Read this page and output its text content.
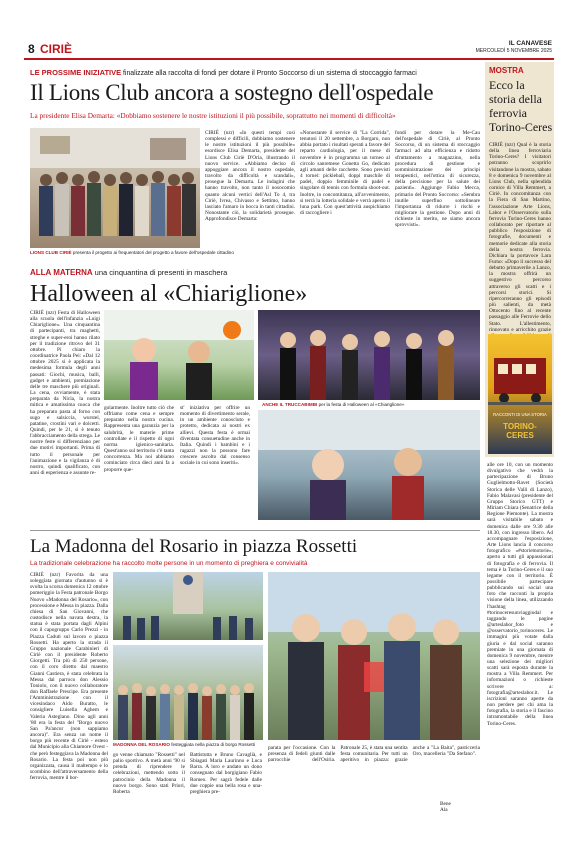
8 CIRIÈ	IL CANAVESE
MERCOLEDÌ 5 NOVEMBRE 2025
LE PROSSIME INIZIATIVE finalizzate alla raccolta di fondi per dotare il Pronto Soccorso di un sistema di stoccaggio farmaci
Il Lions Club ancora a sostegno dell'ospedale
La presidente Elisa Demarta: «Dobbiamo sostenere le nostre istituzioni il più possibile, soprattutto nei momenti di difficoltà»
LIONS CLUB CIRIÈ presenta il progetto ai frequentatori del progetto a favore dell'ospedale cittadino
CIRIÈ (nzr) «In questi tempi così complessi e difficili, dobbiamo sostenere le nostre istituzioni il più possibile» esordisce Elisa Demarta, presidente del Lions Club Ciriè D'Oria, illustrando il nuovo service. «Abbiamo deciso di appoggiare ancora il nostro ospedale, travolto da difficoltà e scandali», prosegue la Demarta. Le indagini che hanno travolto, non tanto il nosocomio quanto alcuni vertici dell'Asl To 4, tra Ciriè, Ivrea, Chivasso e Settimo, hanno lasciato l'amaro in bocca in tanti cittadini. Nonostante ciò, la solidarietà prosegue. Approfondisce Demarta:
«Nonostante il service di "La Corrida", tenutosi il 20 settembre, a Borgaro, non abbia portato i risultati sperati a favore del reparto cardiologia, per il mese di novembre è in programma un torneo al circolo sanremese Gonetta Go, dedicato agli amanti delle racchette. Sono previsti 4 tornei: pickleball, doppi maschile di padel, doppio femminile di padel e singolare di tennis con formula shoot-out. Inoltre, in concomitanza, all'avvenimento, si terrà la lotteria solidale e verrà aperto il luna park. Con quest'attività auspichiamo di raccogliere i
fondi per dotare la Me-Cau dell'ospedale di Ciriè, al Pronto Soccorso, di un sistema di stoccaggio farmaci ad alta efficienza e ridotto sfruttamento a magazzino, nella procedura di gestione e somministrazione dei principi terapeutici, nell'ottica di sicurezza, della precisione per la salute dei pazienti». Aggiunge Fabio Mecca, primario del Pronto Soccorso: «Sembra inutile superfluo sottolineare l'importanza di ridurre i rischi e migliorare la gestione. Dopo anni di richieste in merito, ne siamo ancora sprovvisti».
MOSTRA
Ecco la storia della ferrovia Torino-Ceres
CIRIÈ (nzr) Qual è la storia della linea ferroviaria Torino-Ceres? I visitatori potranno scoprirlo visitandone la mostra, sabato 8 e domenica 9 novembre al Lions Club, nella splendida cornice di Villa Remmert, a Ciriè. In concomitanza con la Fiera di San Martino, l'associazione Arte Lions, Labor e l'Osservatorio sulla ferrovia Torino-Ceres hanno collaborato per riportare al pubblico l'esposizione di fotografie, documenti e memorie dedicate alla storia della nostra ferrovia. Dichiara la portavoce Lara Furno: «Dopo il successo del debutto primaverile a Lanzo, la mostra offrirà un suggestivo percorso attraverso gli scatti e i percorsi storici. Si ripercorreranno gli episodi più salienti, da metà Ottocento fino al recente passaggio alle Ferrovie dello Stato. L'allestimento, rinnovato e arricchito grazie
RACCONTI DI UNA STORIA
TORINO-CERES
alle ore 10, con un momento divulgativo che vedrà la partecipazione di Bruno Guglielmotto-Ravet (Società Storica delle Valli di Lanzo), Fabio Malavasi (presidente del Gruppo Storico GTT) e Miriam Chiara (Senatrice della Regione Piemonte). La mostra sarà visitabile sabato e domenica dalle ore 9.30 alle 18.30, con ingresso libero. Ad accompagnare l'esposizione, Arte Lions lancia il concorso fotografico «#storiemotorie», aperto a tutti gli appassionati di fotografia e di ferrovia. Il tema è la Torino-Ceres e il suo legame con il territorio. È possibile partecipare pubblicando sui social una foto che racconti la propria visione della linea, utilizzando l'hashtag #torinoceresunviaggiodal e taggando le pagine @arteslabor_foto e @osservatorio_torinoceres. Le immagini più votate dalla giuria e dal social saranno premiate in una giornata di domenica 9 novembre, mentre una selezione dei migliori scatti sarà esposta durante la mostra a Villa Remmert. Per informazioni o richieste scrivere a: fotografia@arteslabor.it. Le iscrizioni saranno aperte da non perdere per chi ama la fotografia, la storia e il fascino intramontabile della linea Torino-Ceres.
ALLA MATERNA una cinquantina di presenti in maschera
Halloween al «Chiariglione»
CIRIÈ (nzr) Festa di Halloween alla scuola dell'infanzia «Luigi Chiariglione». Una cinquantina di partecipanti, tra maghetti, streghe e super-eroi hanno rilato per il tradizione ritrovo del 31 ottobre. Pi chiaro la coordinatrice Paola Pei: «Dal 12 ottobre 2025 si è applicata la medesima formula degli anni passati: Giochi, musica, balli, gadget e ambienti, premiazione delle tre maschere più originali. La cena, ovviamente, è stata preparata da Nicla, la nostra mitica e amatissima cuoca che ha preparato pasta al forno con sugo e salsiccia, wurstel, patatine, crostini vari e dolcetti. Quindi, per le 21, si è tenuto l'abbracciamento della strega. Le nostre feste si differenziano per due motivi importanti. Prima di tutto il personale per l'animazione e la vigilanza è di nostro, quindi qualificato, con anni di esperienza e assunte re-
ANCHE IL TRUCCABIMBI per la festa di Halloween al «Chiariglione»
golarmente. Inoltre tutto ciò che offriamo come cena e sempre preparato nella nostra cucina. Rappresenta una garanzia per la salubrità, le materie prime controllate e il rispetto di ogni norma igienico-sanitaria. Quest'anno sul territorio c'è tanta concorrenza. Ma noi abbiamo cominciato circa dieci anni fa a proporre que-
st' iniziativa per offrire un momento di divertimento serale, in un ambiente conosciuto e protetto, dedicata ai nostri ex allievi. Questa festa è ormai diventata consuetudine anche in Italia. Quindi i bambini e i ragazzi non la possono fare crescere ascolto dal consenso sociale in cui sono inseriti».
La Madonna del Rosario in piazza Rossetti
La tradizionale celebrazione ha raccolto molte persone in un momento di preghiera e convivialità
CIRIÈ (nzr) Favorita da una soleggiata giornata d'autunno si è svolta la scorsa domenica 12 ottobre pomeriggio la Festa patronale Borgo Nuovo «Madonna del Rosario», con processione e Messa in piazza. Dalla chiesa di San Giovanni, che custodisce nella navata destra, la statua è stata portata dagli Alpini con il capogruppo Carlo Prezzi - in Piazza Caduti sul lavoro o piazza Rossetti. Ha aperto la strada il Gruppo nazionale Carabinieri di Ciriè con il presidente Roberto Giorgetti. Tra più di 250 persone, con il coro diretto dal maestro Gianni Castiera, è stata celebrata la Messa dal parroco don Alessio Toniolo, con il nuovo collaboratore don Raffaele Prescipe. Era presente l'Amministrazione con il vicesindaco Aldo Buratto, le consigliere Luisella Aghem e Valeria Asteglano. Dino agli anni '80 era la festa del "Borgo nuovo San Pa'ancur (non sappiamo ancora)". Era senza un nome il borgo più recente di Ciriè - esteso dal Municipio alla Chiamore Ovest - che però festeggiava la Madonna del Rosario. La festa poi non più organizzata, causa il maltempo e lo scombino dell'attraversamento della ferrovia, mentre il bor-
MADONNA DEL ROSARIO festeggiata nella piazza di borgo Rossetti
go venne chiamato "Rossetti" nel palio sportivo. A metà anni '90 si prenda di riprendere le celebrazioni, mettendo sotto il patrocinio della Madonna il nuovo borgo. Sono stati Priori, Roberta
Battistutta e Bruno Cavaglià, e Sbiagati Maria Laurinno e Luca Barra. A loro e andato un dono consegnato dal borgigiano Fabio Romeo. Per sagrà fedele dalle due coppie una bella rosa e una-preghiera pre-
parata per l'occasione. Con la presenza di fedeli giunti dalle parrocchie dell'Osiria. Patronale 25, è stata una sentita festa comunitaria. Per tutti un aperitivo in piazza: grazie anche a "La Baita", pasticceria Oro, macelleria "Da Stefano".
Bene Ala
